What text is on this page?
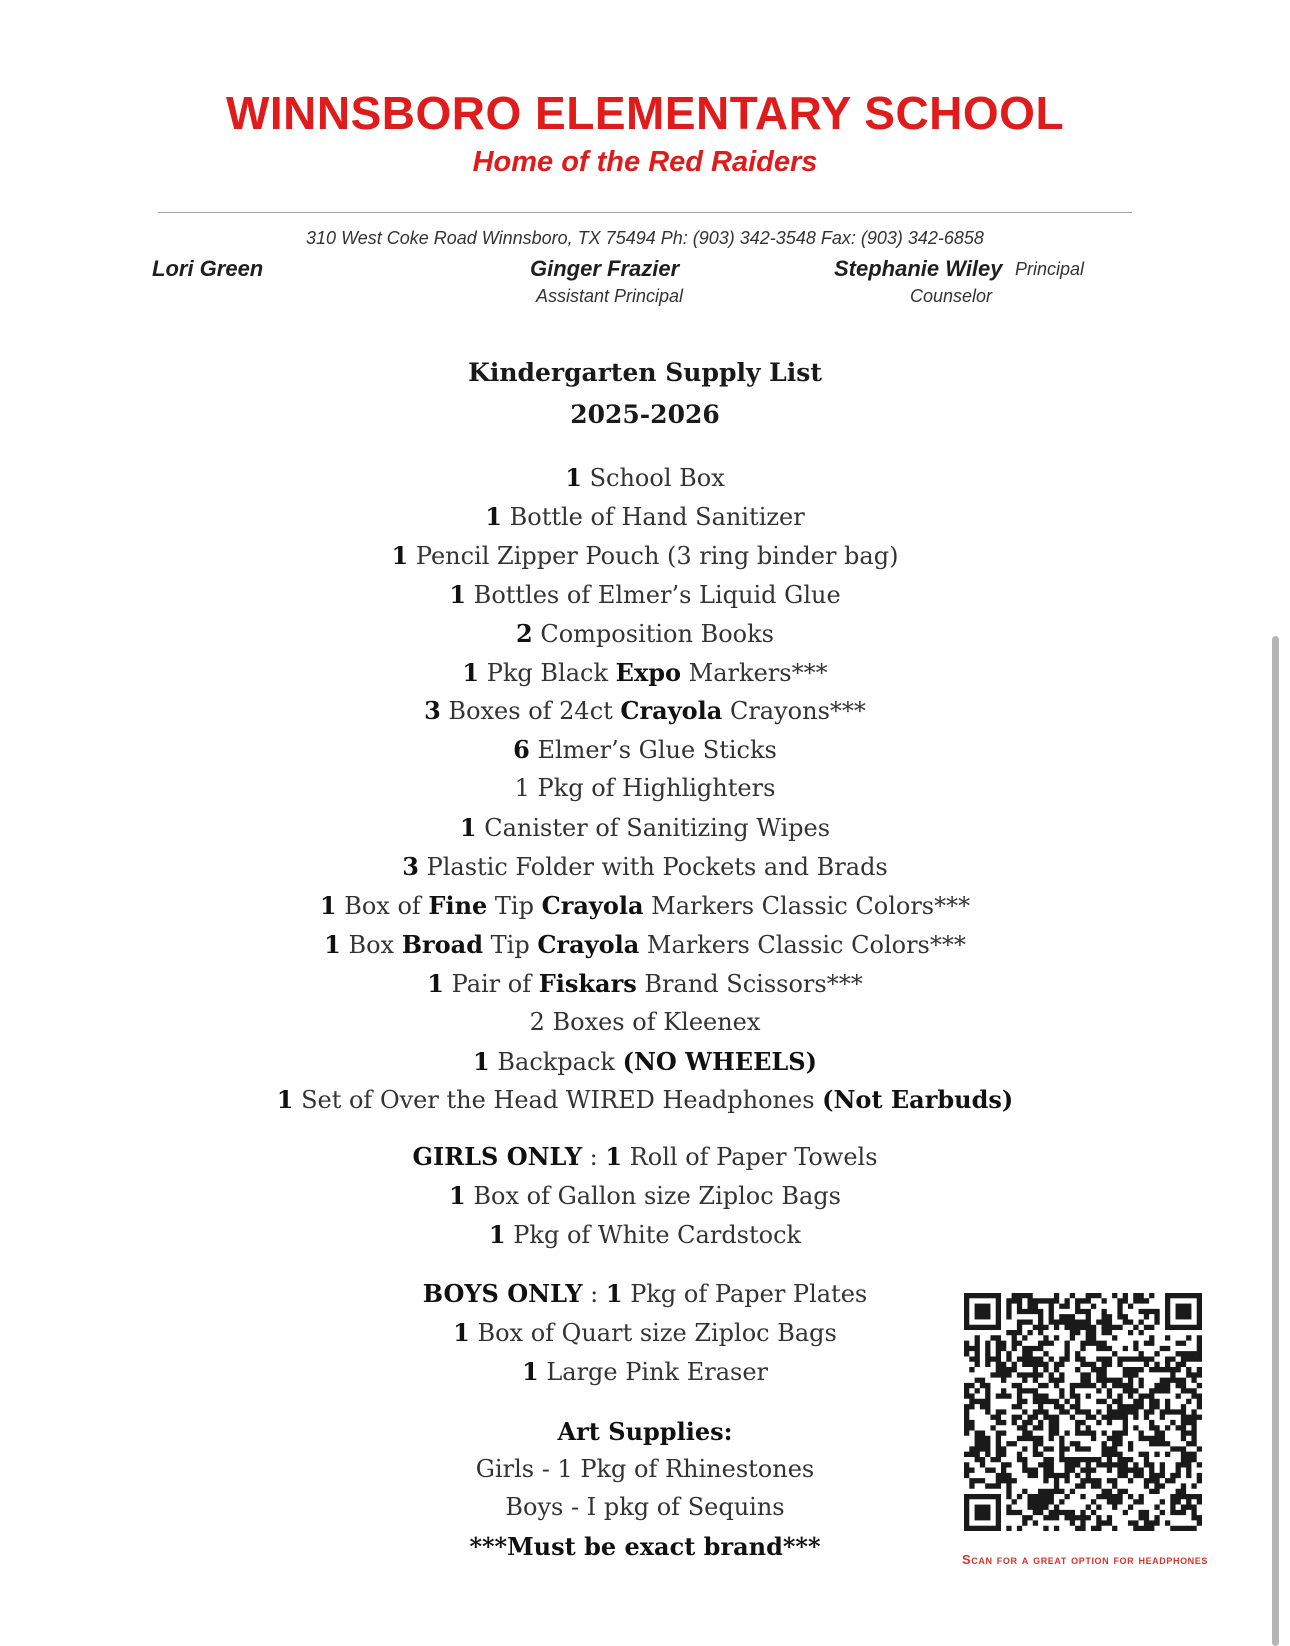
WINNSBORO ELEMENTARY SCHOOL
Home of the Red Raiders
310 West Coke Road Winnsboro, TX 75494 Ph: (903) 342-3548 Fax: (903) 342-6858
Lori Green	Ginger Frazier
Assistant Principal
Stephanie Wiley Principal
Counselor
Kindergarten Supply List
2025-2026
1 School Box
1 Bottle of Hand Sanitizer
1 Pencil Zipper Pouch (3 ring binder bag)
1 Bottles of Elmer’s Liquid Glue
2 Composition Books
1 Pkg Black Expo Markers***
3 Boxes of 24ct Crayola Crayons***
6 Elmer’s Glue Sticks
1 Pkg of Highlighters
1 Canister of Sanitizing Wipes
3 Plastic Folder with Pockets and Brads
1 Box of Fine Tip Crayola Markers Classic Colors***
1 Box Broad Tip Crayola Markers Classic Colors***
1 Pair of Fiskars Brand Scissors***
2 Boxes of Kleenex
1 Backpack (NO WHEELS)
1 Set of Over the Head WIRED Headphones (Not Earbuds)
GIRLS ONLY : 1 Roll of Paper Towels
1 Box of Gallon size Ziploc Bags
1 Pkg of White Cardstock
BOYS ONLY : 1 Pkg of Paper Plates
1 Box of Quart size Ziploc Bags
1 Large Pink Eraser
Art Supplies:
Girls - 1 Pkg of Rhinestones
Boys - I pkg of Sequins
***Must be exact brand***	Scan for a great option for headphones
